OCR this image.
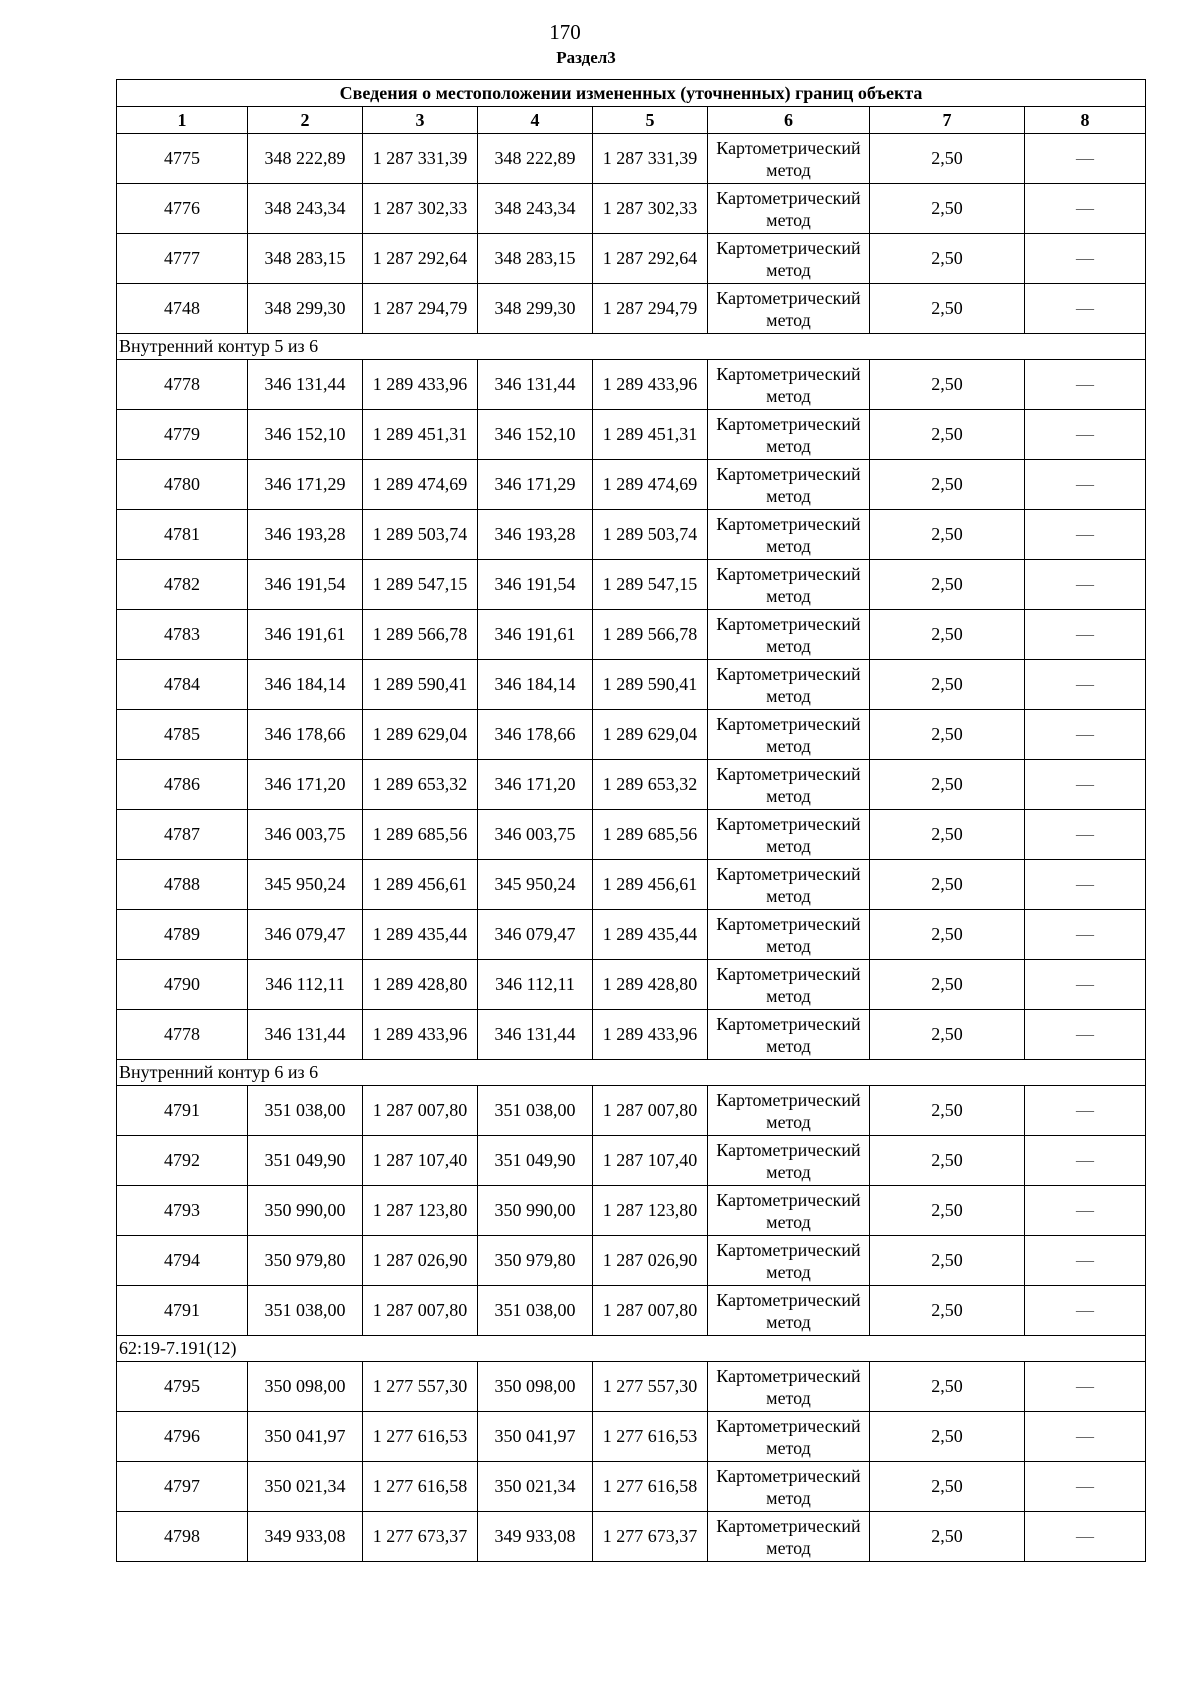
170
Раздел3
Сведения о местоположении измененных (уточненных) границ объекта							
1	2	3	4	5	6	7	8
4775	348 222,89	1 287 331,39	348 222,89	1 287 331,39	Картометрический метод	2,50	—
4776	348 243,34	1 287 302,33	348 243,34	1 287 302,33	Картометрический метод	2,50	—
4777	348 283,15	1 287 292,64	348 283,15	1 287 292,64	Картометрический метод	2,50	—
4748	348 299,30	1 287 294,79	348 299,30	1 287 294,79	Картометрический метод	2,50	—
Внутренний контур 5 из 6							
4778	346 131,44	1 289 433,96	346 131,44	1 289 433,96	Картометрический метод	2,50	—
4779	346 152,10	1 289 451,31	346 152,10	1 289 451,31	Картометрический метод	2,50	—
4780	346 171,29	1 289 474,69	346 171,29	1 289 474,69	Картометрический метод	2,50	—
4781	346 193,28	1 289 503,74	346 193,28	1 289 503,74	Картометрический метод	2,50	—
4782	346 191,54	1 289 547,15	346 191,54	1 289 547,15	Картометрический метод	2,50	—
4783	346 191,61	1 289 566,78	346 191,61	1 289 566,78	Картометрический метод	2,50	—
4784	346 184,14	1 289 590,41	346 184,14	1 289 590,41	Картометрический метод	2,50	—
4785	346 178,66	1 289 629,04	346 178,66	1 289 629,04	Картометрический метод	2,50	—
4786	346 171,20	1 289 653,32	346 171,20	1 289 653,32	Картометрический метод	2,50	—
4787	346 003,75	1 289 685,56	346 003,75	1 289 685,56	Картометрический метод	2,50	—
4788	345 950,24	1 289 456,61	345 950,24	1 289 456,61	Картометрический метод	2,50	—
4789	346 079,47	1 289 435,44	346 079,47	1 289 435,44	Картометрический метод	2,50	—
4790	346 112,11	1 289 428,80	346 112,11	1 289 428,80	Картометрический метод	2,50	—
4778	346 131,44	1 289 433,96	346 131,44	1 289 433,96	Картометрический метод	2,50	—
Внутренний контур 6 из 6							
4791	351 038,00	1 287 007,80	351 038,00	1 287 007,80	Картометрический метод	2,50	—
4792	351 049,90	1 287 107,40	351 049,90	1 287 107,40	Картометрический метод	2,50	—
4793	350 990,00	1 287 123,80	350 990,00	1 287 123,80	Картометрический метод	2,50	—
4794	350 979,80	1 287 026,90	350 979,80	1 287 026,90	Картометрический метод	2,50	—
4791	351 038,00	1 287 007,80	351 038,00	1 287 007,80	Картометрический метод	2,50	—
62:19-7.191(12)							
4795	350 098,00	1 277 557,30	350 098,00	1 277 557,30	Картометрический метод	2,50	—
4796	350 041,97	1 277 616,53	350 041,97	1 277 616,53	Картометрический метод	2,50	—
4797	350 021,34	1 277 616,58	350 021,34	1 277 616,58	Картометрический метод	2,50	—
4798	349 933,08	1 277 673,37	349 933,08	1 277 673,37	Картометрический метод	2,50	—
